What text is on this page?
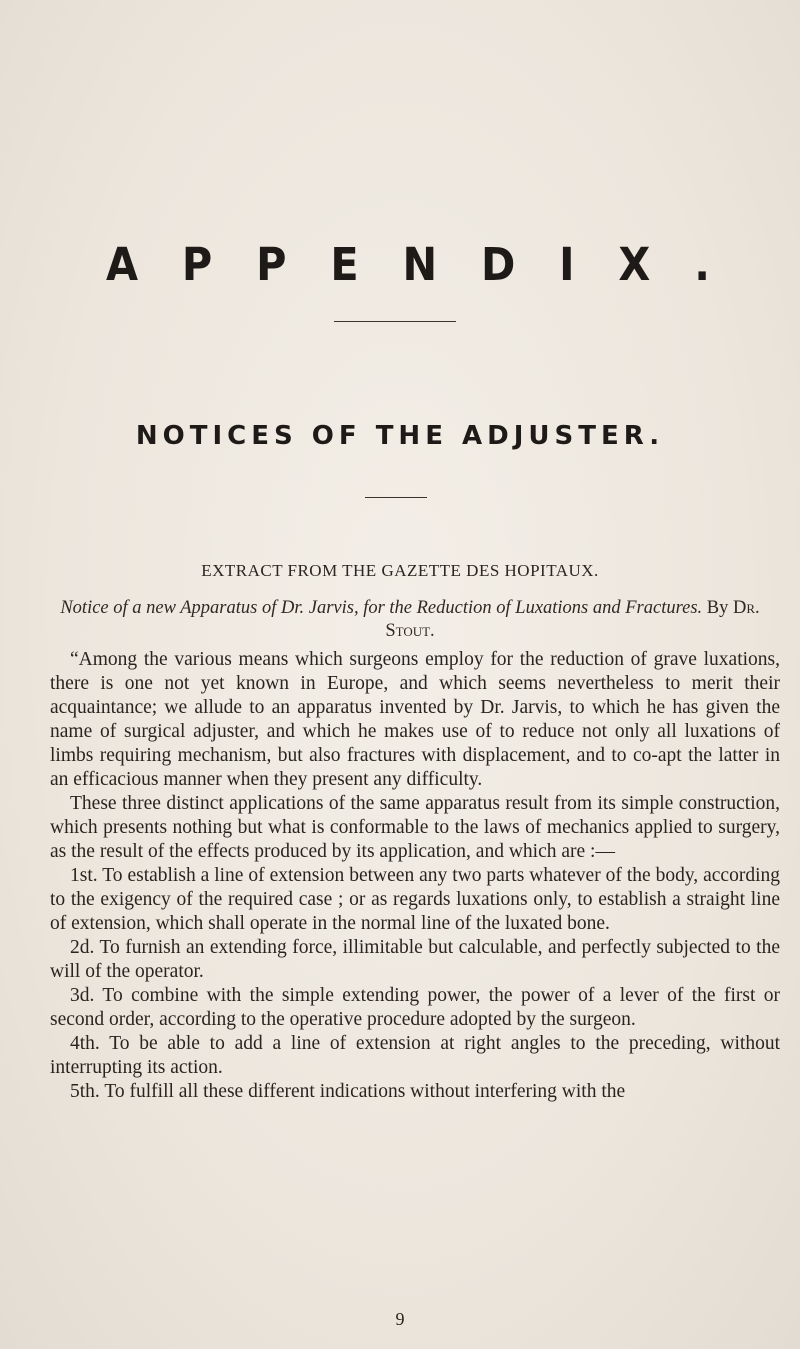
A P P E N D I X .
NOTICES OF THE ADJUSTER.
EXTRACT FROM THE GAZETTE DES HOPITAUX.
Notice of a new Apparatus of Dr. Jarvis, for the Reduction of Luxations and Fractures. By Dr. Stout.

“Among the various means which surgeons employ for the reduction of grave luxations, there is one not yet known in Europe, and which seems nevertheless to merit their acquaintance; we allude to an apparatus invented by Dr. Jarvis, to which he has given the name of surgical adjuster, and which he makes use of to reduce not only all luxations of limbs requiring mechanism, but also fractures with displacement, and to co-apt the latter in an efficacious manner when they present any difficulty.

These three distinct applications of the same apparatus result from its simple construction, which presents nothing but what is conformable to the laws of mechanics applied to surgery, as the result of the effects produced by its application, and which are :—

1st. To establish a line of extension between any two parts whatever of the body, according to the exigency of the required case ; or as regards luxations only, to establish a straight line of extension, which shall operate in the normal line of the luxated bone.

2d. To furnish an extending force, illimitable but calculable, and perfectly subjected to the will of the operator.

3d. To combine with the simple extending power, the power of a lever of the first or second order, according to the operative procedure adopted by the surgeon.

4th. To be able to add a line of extension at right angles to the preceding, without interrupting its action.

5th. To fulfill all these different indications without interfering with the

9
